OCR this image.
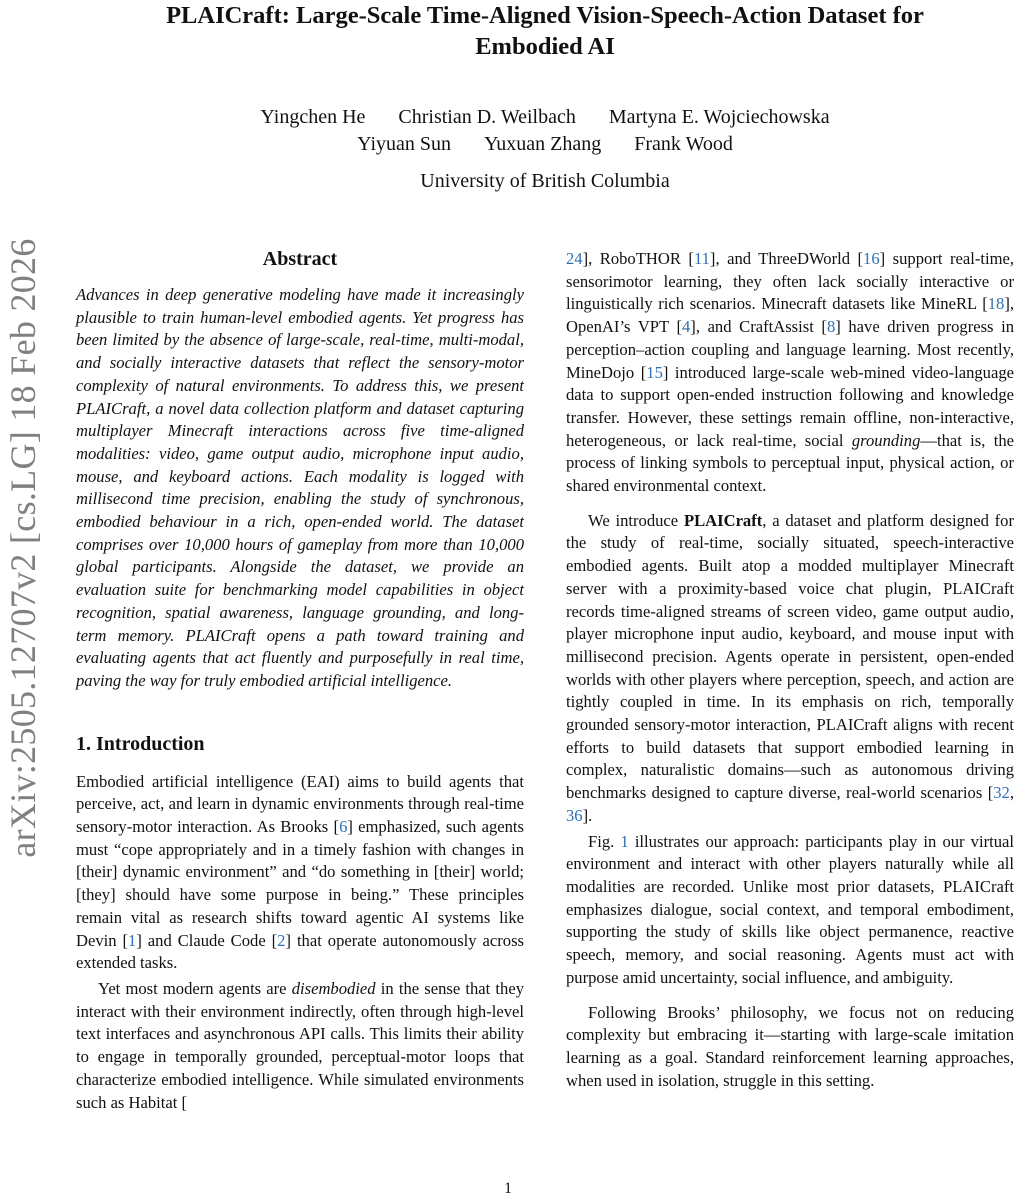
PLAICraft: Large-Scale Time-Aligned Vision-Speech-Action Dataset for
Embodied AI
Yingchen He Christian D. Weilbach Martyna E. Wojciechowska
Yiyuan Sun Yuxuan Zhang Frank Wood
University of British Columbia
arXiv:2505.12707v2 [cs.LG] 18 Feb 2026	Abstract

Advances in deep generative modeling have made it increasingly plausible to train human-level embodied agents. Yet progress has been limited by the absence of large-scale, real-time, multi-modal, and socially interactive datasets that reflect the sensory-motor complexity of natural environments. To address this, we present PLAICraft, a novel data collection platform and dataset capturing multiplayer Minecraft interactions across five time-aligned modalities: video, game output audio, microphone input audio, mouse, and keyboard actions. Each modality is logged with millisecond time precision, enabling the study of synchronous, embodied behaviour in a rich, open-ended world. The dataset comprises over 10,000 hours of gameplay from more than 10,000 global participants. Alongside the dataset, we provide an evaluation suite for benchmarking model capabilities in object recognition, spatial awareness, language grounding, and long-term memory. PLAICraft opens a path toward training and evaluating agents that act fluently and purposefully in real time, paving the way for truly embodied artificial intelligence.

1. Introduction

Embodied artificial intelligence (EAI) aims to build agents that perceive, act, and learn in dynamic environments through real-time sensory-motor interaction. As Brooks [6] emphasized, such agents must “cope appropriately and in a timely fashion with changes in [their] dynamic environment” and “do something in [their] world; [they] should have some purpose in being.” These principles remain vital as research shifts toward agentic AI systems like Devin [1] and Claude Code [2] that operate autonomously across extended tasks.

Yet most modern agents are disembodied in the sense that they interact with their environment indirectly, often through high-level text interfaces and asynchronous API calls. This limits their ability to engage in temporally grounded, perceptual-motor loops that characterize embodied intelligence. While simulated environments such as Habitat [

24], RoboTHOR [11], and ThreeDWorld [16] support real-time, sensorimotor learning, they often lack socially interactive or linguistically rich scenarios. Minecraft datasets like MineRL [18], OpenAI’s VPT [4], and CraftAssist [8] have driven progress in perception–action coupling and language learning. Most recently, MineDojo [15] introduced large-scale web-mined video-language data to support open-ended instruction following and knowledge transfer. However, these settings remain offline, non-interactive, heterogeneous, or lack real-time, social grounding—that is, the process of linking symbols to perceptual input, physical action, or shared environmental context.

We introduce PLAICraft, a dataset and platform designed for the study of real-time, socially situated, speech-interactive embodied agents. Built atop a modded multiplayer Minecraft server with a proximity-based voice chat plugin, PLAICraft records time-aligned streams of screen video, game output audio, player microphone input audio, keyboard, and mouse input with millisecond precision. Agents operate in persistent, open-ended worlds with other players where perception, speech, and action are tightly coupled in time. In its emphasis on rich, temporally grounded sensory-motor interaction, PLAICraft aligns with recent efforts to build datasets that support embodied learning in complex, naturalistic domains—such as autonomous driving benchmarks designed to capture diverse, real-world scenarios [32, 36].

Fig. 1 illustrates our approach: participants play in our virtual environment and interact with other players naturally while all modalities are recorded. Unlike most prior datasets, PLAICraft emphasizes dialogue, social context, and temporal embodiment, supporting the study of skills like object permanence, reactive speech, memory, and social reasoning. Agents must act with purpose amid uncertainty, social influence, and ambiguity.

Following Brooks’ philosophy, we focus not on reducing complexity but embracing it—starting with large-scale imitation learning as a goal. Standard reinforcement learning approaches, when used in isolation, struggle in this setting.

1
